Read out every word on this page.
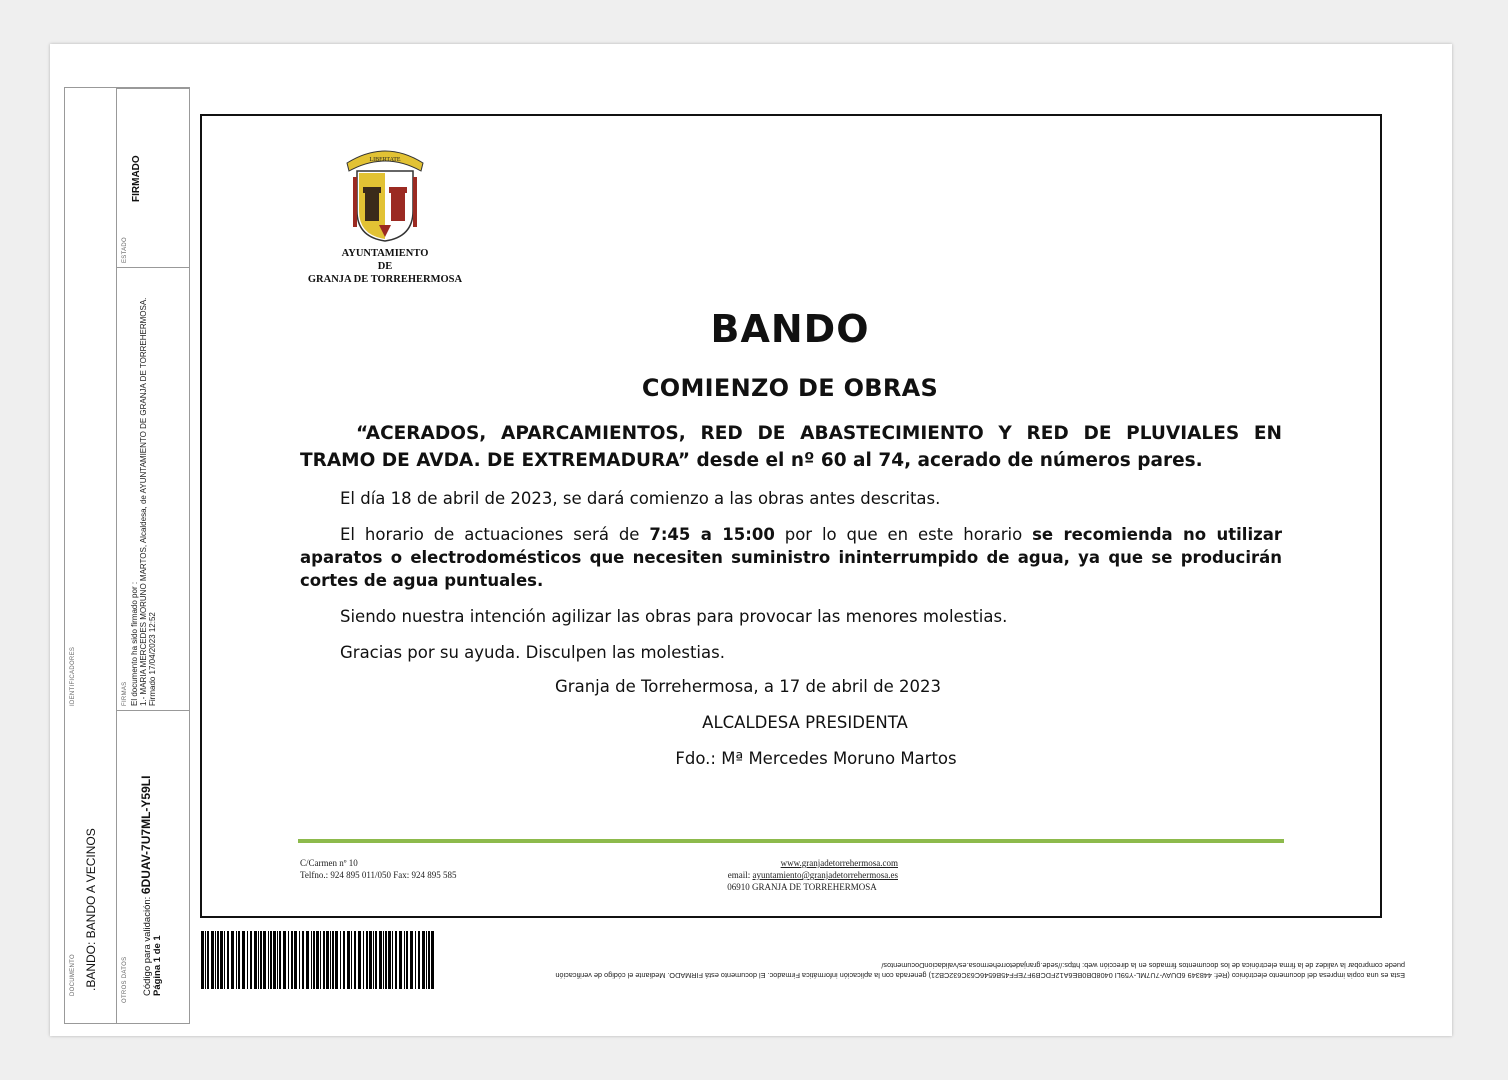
ESTADO
FIRMADO
FIRMAS El documento ha sido firmado por : 1.- MARIA MERCEDES MORUNO MARTOS, Alcaldesa, de AYUNTAMIENTO DE GRANJA DE TORREHERMOSA. Firmado 17/04/2023 12:52
OTROS DATOS	Código para validación: 6DUAV-7U7ML-Y59LI
Página 1 de 1
IDENTIFICADORES
DOCUMENTO .BANDO: BANDO A VECINOS
LIBERTATE
AYUNTAMIENTO
DE
GRANJA DE TORREHERMOSA
BANDO
COMIENZO DE OBRAS
“ACERADOS, APARCAMIENTOS, RED DE ABASTECIMIENTO Y RED DE PLUVIALES EN TRAMO DE AVDA. DE EXTREMADURA” desde el nº 60 al 74, acerado de números pares.
El día 18 de abril de 2023, se dará comienzo a las obras antes descritas.
El horario de actuaciones será de 7:45 a 15:00 por lo que en este horario se recomienda no utilizar aparatos o electrodomésticos que necesiten suministro ininterrumpido de agua, ya que se producirán cortes de agua puntuales.
Siendo nuestra intención agilizar las obras para provocar las menores molestias.
Gracias por su ayuda. Disculpen las molestias.
Granja de Torrehermosa, a 17 de abril de 2023
ALCALDESA PRESIDENTA
Fdo.: Mª Mercedes Moruno Martos
C/Carmen nº 10
Telfno.: 924 895 011/050 Fax: 924 895 585
www.granjadetorrehermosa.com
email: ayuntamiento@granjadetorrehermosa.es
06910 GRANJA DE TORREHERMOSA
Esta es una copia impresa del documento electrónico (Ref: 448349 6DUAV-7U7ML-Y59LI 0408DB0BE6A12FDCB9F7EFF45B6546C63C632CB21) generada con la aplicación informática Firmadoc. El documento está FIRMADO. Mediante el código de verificación
puede comprobar la validez de la firma electrónica de los documentos firmados en la dirección web: https://sede.granjadetorrehermosa.es/validacionDocumentos/
